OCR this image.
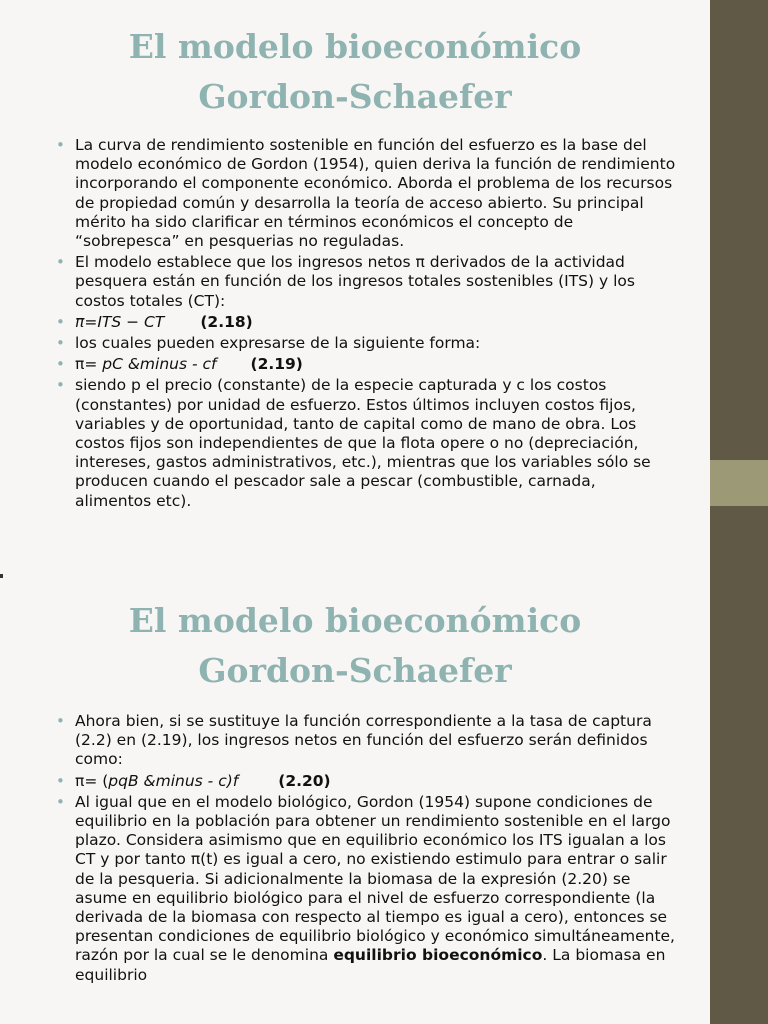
El modelo bioeconómico
Gordon-Schaefer
• La curva de rendimiento sostenible en función del esfuerzo es la base del modelo económico de Gordon (1954), quien deriva la función de rendimiento incorporando el componente económico. Aborda el problema de los recursos de propiedad común y desarrolla la teoría de acceso abierto. Su principal mérito ha sido clarificar en términos económicos el concepto de “sobrepesca” en pesquerias no reguladas.
• El modelo establece que los ingresos netos π derivados de la actividad pesquera están en función de los ingresos totales sostenibles (ITS) y los costos totales (CT):
• π=ITS − CT (2.18)
• los cuales pueden expresarse de la siguiente forma:
• π= pC &minus - cf (2.19)
• siendo p el precio (constante) de la especie capturada y c los costos (constantes) por unidad de esfuerzo. Estos últimos incluyen costos fijos, variables y de oportunidad, tanto de capital como de mano de obra. Los costos fijos son independientes de que la flota opere o no (depreciación, intereses, gastos administrativos, etc.), mientras que los variables sólo se producen cuando el pescador sale a pescar (combustible, carnada, alimentos etc).
El modelo bioeconómico
Gordon-Schaefer
• Ahora bien, si se sustituye la función correspondiente a la tasa de captura (2.2) en (2.19), los ingresos netos en función del esfuerzo serán definidos como:
• π= (pqB &minus - c)f	(2.20)
• Al igual que en el modelo biológico, Gordon (1954) supone condiciones de equilibrio en la población para obtener un rendimiento sostenible en el largo plazo. Considera asimismo que en equilibrio económico los ITS igualan a los CT y por tanto π(t) es igual a cero, no existiendo estimulo para entrar o salir de la pesqueria. Si adicionalmente la biomasa de la expresión (2.20) se asume en equilibrio biológico para el nivel de esfuerzo correspondiente (la derivada de la biomasa con respecto al tiempo es igual a cero), entonces se presentan condiciones de equilibrio biológico y económico simultáneamente, razón por la cual se le denomina equilibrio bioeconómico. La biomasa en equilibrio
